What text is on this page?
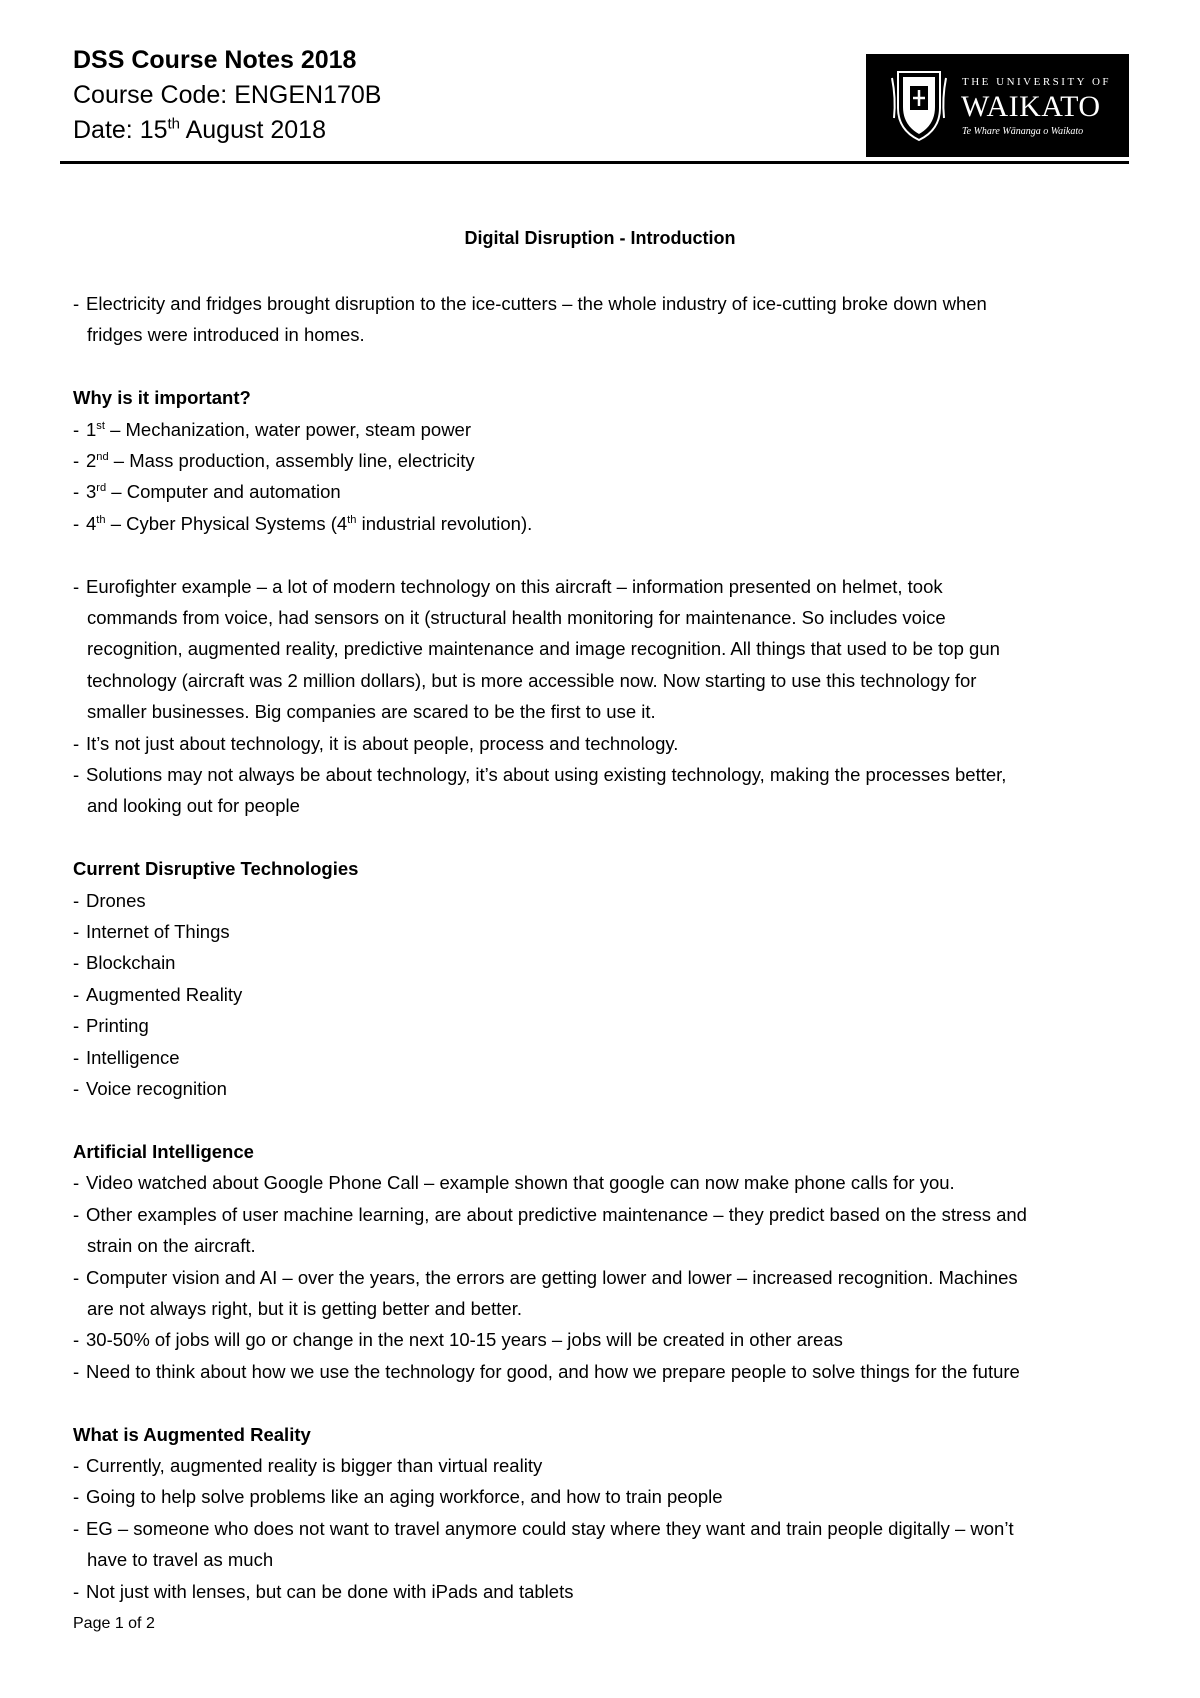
DSS Course Notes 2018
Course Code: ENGEN170B
Date: 15th August 2018
THE UNIVERSITY OF
WAIKATO
Te Whare Wānanga o Waikato
Digital Disruption - Introduction
- Electricity and fridges brought disruption to the ice-cutters – the whole industry of ice-cutting broke down when
fridges were introduced in homes.
Why is it important?
- 1st – Mechanization, water power, steam power
- 2nd – Mass production, assembly line, electricity
- 3rd – Computer and automation
- 4th – Cyber Physical Systems (4th industrial revolution).
- Eurofighter example – a lot of modern technology on this aircraft – information presented on helmet, took
commands from voice, had sensors on it (structural health monitoring for maintenance. So includes voice
recognition, augmented reality, predictive maintenance and image recognition. All things that used to be top gun
technology (aircraft was 2 million dollars), but is more accessible now. Now starting to use this technology for
smaller businesses. Big companies are scared to be the first to use it.
- It’s not just about technology, it is about people, process and technology.
- Solutions may not always be about technology, it’s about using existing technology, making the processes better,
and looking out for people
Current Disruptive Technologies
- Drones
- Internet of Things
- Blockchain
- Augmented Reality
- Printing
- Intelligence
- Voice recognition
Artificial Intelligence
- Video watched about Google Phone Call – example shown that google can now make phone calls for you.
- Other examples of user machine learning, are about predictive maintenance – they predict based on the stress and
strain on the aircraft.
- Computer vision and AI – over the years, the errors are getting lower and lower – increased recognition. Machines
are not always right, but it is getting better and better.
- 30-50% of jobs will go or change in the next 10-15 years – jobs will be created in other areas
- Need to think about how we use the technology for good, and how we prepare people to solve things for the future
What is Augmented Reality
- Currently, augmented reality is bigger than virtual reality
- Going to help solve problems like an aging workforce, and how to train people
- EG – someone who does not want to travel anymore could stay where they want and train people digitally – won’t
have to travel as much
- Not just with lenses, but can be done with iPads and tablets
Page 1 of 2
